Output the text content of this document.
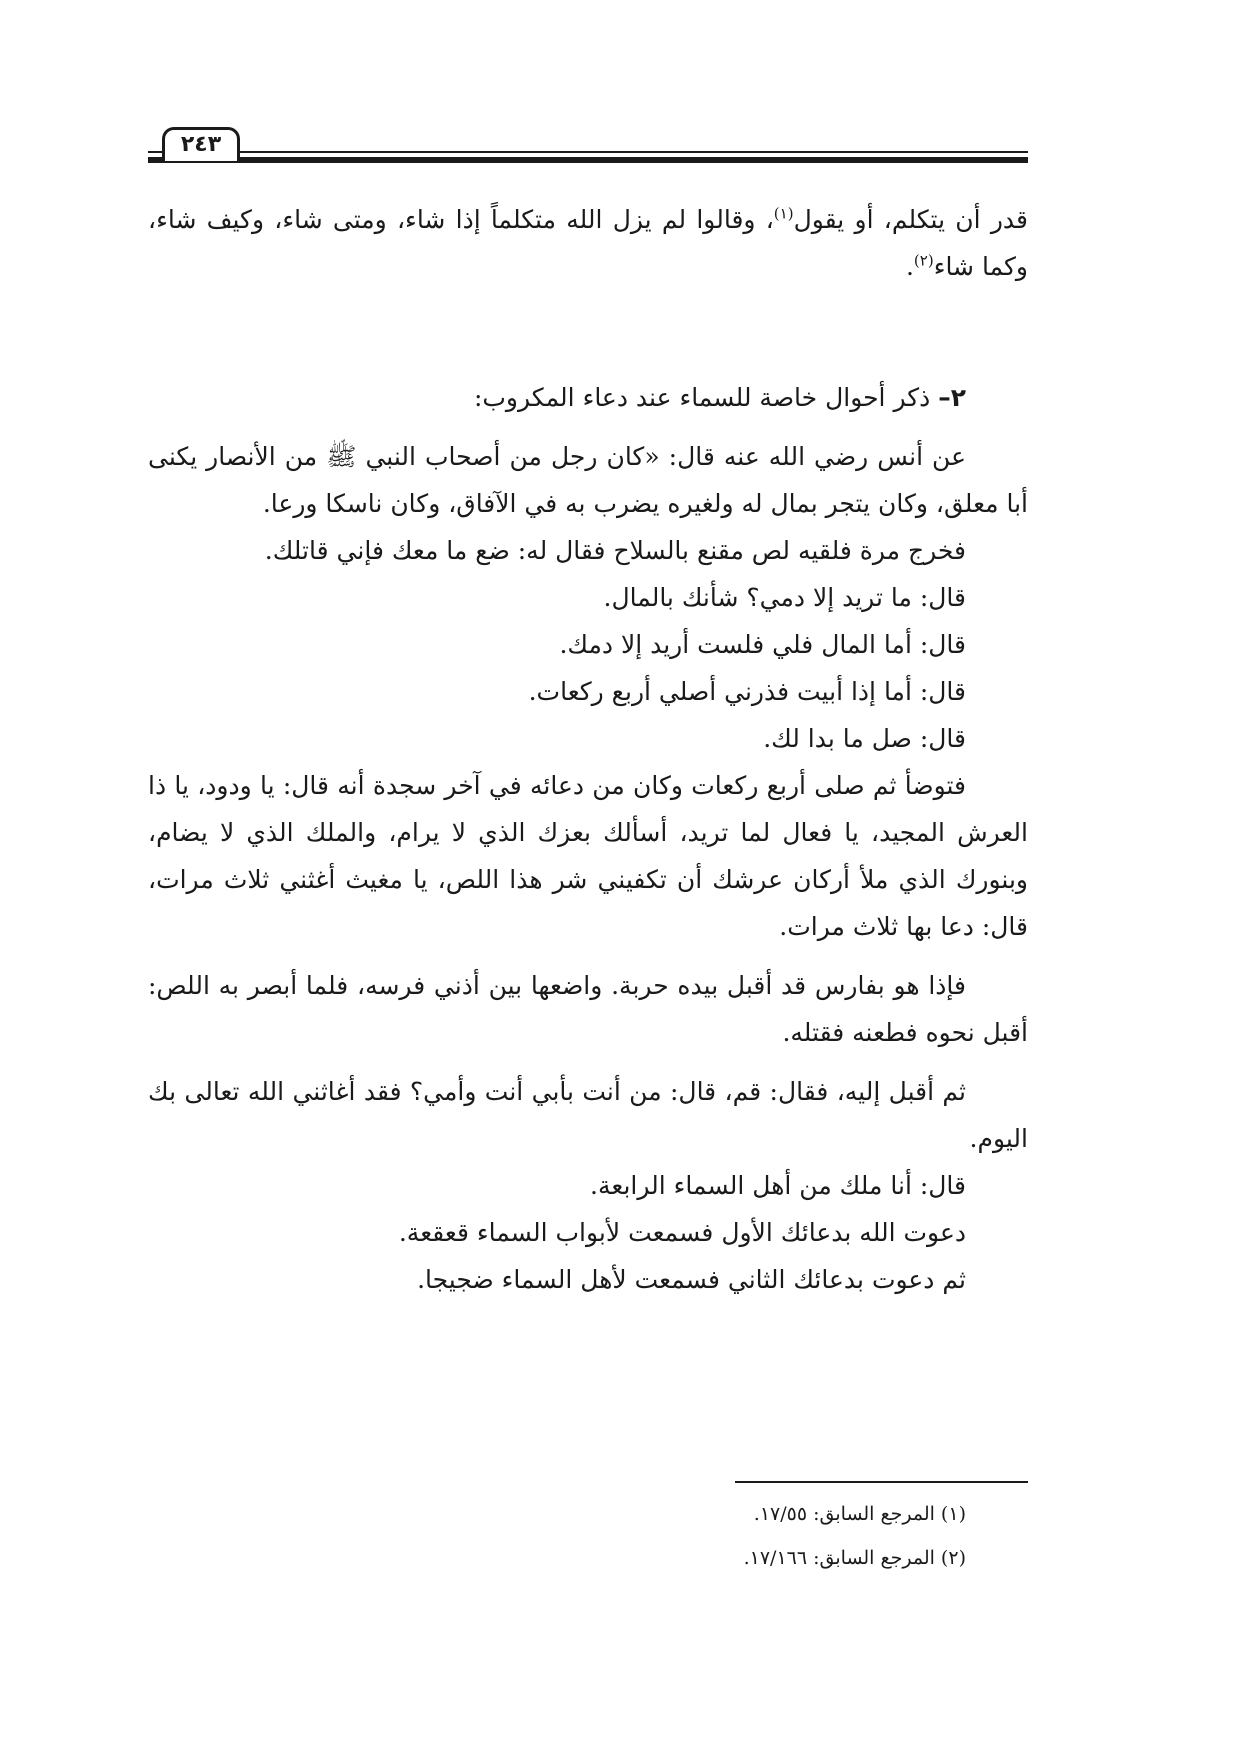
٢٤٣

قدر أن يتكلم، أو يقول$^{(١)}$، وقالوا لم يزل الله متكلماً إذا شاء، ومتى شاء، وكيف شاء، وكما شاء$^{(٢)}$.

٢– ذكر أحوال خاصة للسماء عند دعاء المكروب:

عن أنس رضي الله عنه قال: «كان رجل من أصحاب النبي ﷺ من الأنصار يكنى أبا معلق، وكان يتجر بمال له ولغيره يضرب به في الآفاق، وكان ناسكا ورعا.

فخرج مرة فلقيه لص مقنع بالسلاح فقال له: ضع ما معك فإني قاتلك.

قال: ما تريد إلا دمي؟ شأنك بالمال.

قال: أما المال فلي فلست أريد إلا دمك.

قال: أما إذا أبيت فذرني أصلي أربع ركعات.

قال: صل ما بدا لك.

فتوضأ ثم صلى أربع ركعات وكان من دعائه في آخر سجدة أنه قال: يا ودود، يا ذا العرش المجيد، يا فعال لما تريد، أسألك بعزك الذي لا يرام، والملك الذي لا يضام، وبنورك الذي ملأ أركان عرشك أن تكفيني شر هذا اللص، يا مغيث أغثني ثلاث مرات، قال: دعا بها ثلاث مرات.

فإذا هو بفارس قد أقبل بيده حربة. واضعها بين أذني فرسه، فلما أبصر به اللص: أقبل نحوه فطعنه فقتله.

ثم أقبل إليه، فقال: قم، قال: من أنت بأبي أنت وأمي؟ فقد أغاثني الله تعالى بك اليوم.

قال: أنا ملك من أهل السماء الرابعة.

دعوت الله بدعائك الأول فسمعت لأبواب السماء قعقعة.

ثم دعوت بدعائك الثاني فسمعت لأهل السماء ضجيجا.

(١) المرجع السابق: ١٧/٥٥.

(٢) المرجع السابق: ١٧/١٦٦.
